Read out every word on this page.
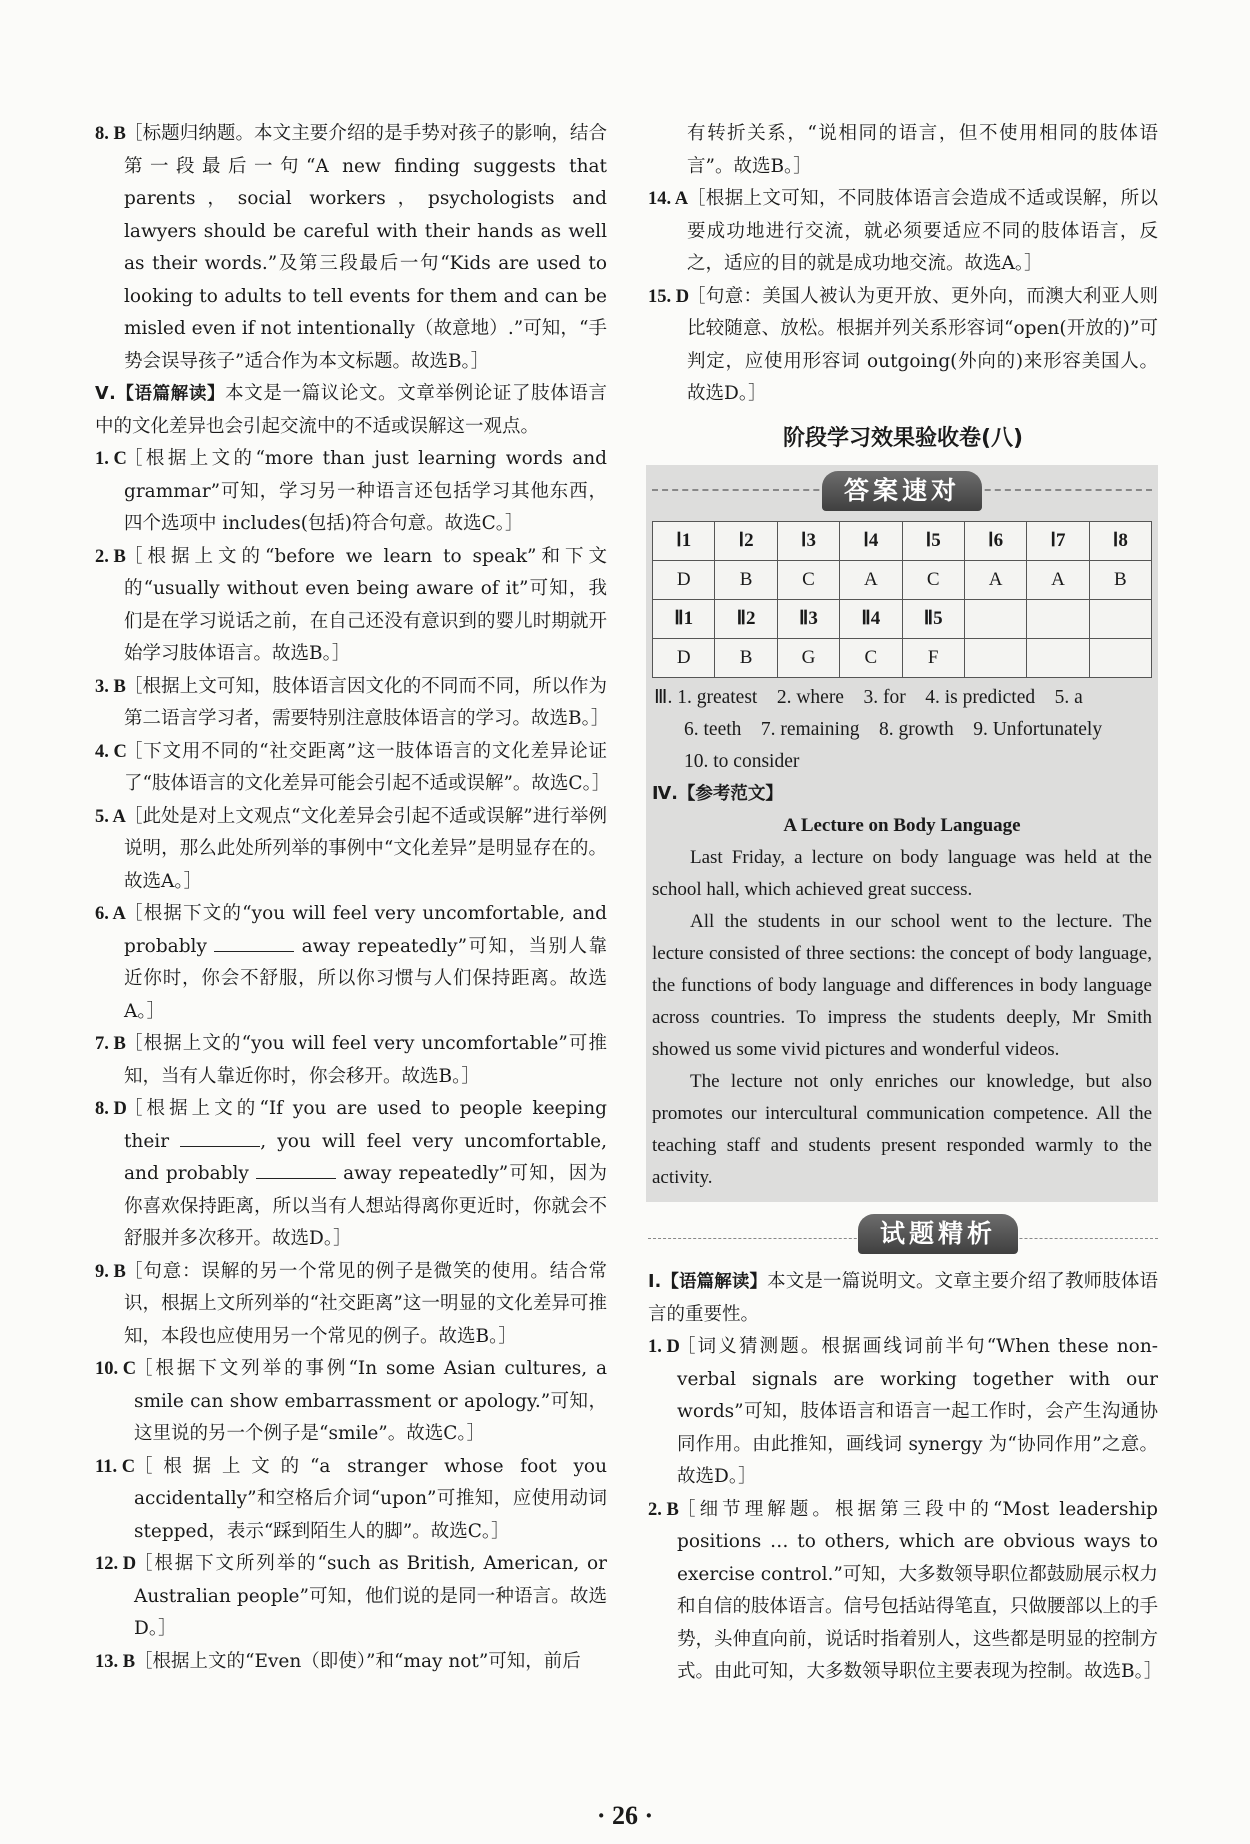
8. B
［标题归纳题。本文主要介绍的是手势对孩子的影响，结合第一段最后一句“A new finding suggests that parents，social workers，psychologists and lawyers should be careful with their hands as well as their words.”及第三段最后一句“Kids are used to looking to adults to tell events for them and can be misled even if not intentionally（故意地）.”可知，“手势会误导孩子”适合作为本文标题。故选B。］

Ⅴ.【语篇解读】本文是一篇议论文。文章举例论证了肢体语言中的文化差异也会引起交流中的不适或误解这一观点。

1. C
［根据上文的“more than just learning words and grammar”可知，学习另一种语言还包括学习其他东西，四个选项中 includes(包括)符合句意。故选C。］

2. B
［根据上文的“before we learn to speak”和下文的“usually without even being aware of it”可知，我们是在学习说话之前，在自己还没有意识到的婴儿时期就开始学习肢体语言。故选B。］

3. B
［根据上文可知，肢体语言因文化的不同而不同，所以作为第二语言学习者，需要特别注意肢体语言的学习。故选B。］

4. C
［下文用不同的“社交距离”这一肢体语言的文化差异论证了“肢体语言的文化差异可能会引起不适或误解”。故选C。］

5. A
［此处是对上文观点“文化差异会引起不适或误解”进行举例说明，那么此处所列举的事例中“文化差异”是明显存在的。故选A。］

6. A
［根据下文的“you will feel very uncomfortable, and probably	away repeatedly”可知，当别人靠近你时，你会不舒服，所以你习惯与人们保持距离。故选A。］

7. B
［根据上文的“you will feel very uncomfortable”可推知，当有人靠近你时，你会移开。故选B。］

8. D
［根据上文的“If you are used to people keeping their	, you will feel very uncomfortable, and probably	away repeatedly”可知，因为你喜欢保持距离，所以当有人想站得离你更近时，你就会不舒服并多次移开。故选D。］

9. B
［句意：误解的另一个常见的例子是微笑的使用。结合常识，根据上文所列举的“社交距离”这一明显的文化差异可推知，本段也应使用另一个常见的例子。故选B。］

10. C
［根据下文列举的事例“In some Asian cultures, a smile can show embarrassment or apology.”可知，这里说的另一个例子是“smile”。故选C。］

11. C
［根据上文的“a stranger whose foot you accidentally”和空格后介词“upon”可推知，应使用动词stepped，表示“踩到陌生人的脚”。故选C。］

12. D
［根据下文所列举的“such as British, American, or Australian people”可知，他们说的是同一种语言。故选D。］

13. B
［根据上文的“Even（即使）”和“may not”可知，前后

有转折关系，“说相同的语言，但不使用相同的肢体语言”。故选B。］

14. A
［根据上文可知，不同肢体语言会造成不适或误解，所以要成功地进行交流，就必须要适应不同的肢体语言，反之，适应的目的就是成功地交流。故选A。］

15. D
［句意：美国人被认为更开放、更外向，而澳大利亚人则比较随意、放松。根据并列关系形容词“open(开放的)”可判定，应使用形容词 outgoing(外向的)来形容美国人。故选D。］

阶段学习效果验收卷(八)
答案速对
Ⅰ1	Ⅰ2	Ⅰ3	Ⅰ4	Ⅰ5	Ⅰ6	Ⅰ7	Ⅰ8
D	B	C	A	C	A	A	B
Ⅱ1	Ⅱ2	Ⅱ3	Ⅱ4	Ⅱ5			
D	B	G	C	F			
Ⅲ. 1. greatest　2. where　3. for　4. is predicted　5. a
6. teeth　7. remaining　8. growth　9. Unfortunately
10. to consider
Ⅳ.【参考范文】
A Lecture on Body Language

Last Friday, a lecture on body language was held at the school hall, which achieved great success.

All the students in our school went to the lecture. The lecture consisted of three sections: the concept of body language, the functions of body language and differences in body language across countries. To impress the students deeply, Mr Smith showed us some vivid pictures and wonderful videos.

The lecture not only enriches our knowledge, but also promotes our intercultural communication competence. All the teaching staff and students present responded warmly to the activity.

试题精析

Ⅰ.【语篇解读】本文是一篇说明文。文章主要介绍了教师肢体语言的重要性。

1. D
［词义猜测题。根据画线词前半句“When these non-verbal signals are working together with our words”可知，肢体语言和语言一起工作时，会产生沟通协同作用。由此推知，画线词 synergy 为“协同作用”之意。故选D。］

2. B
［细节理解题。根据第三段中的“Most leadership positions … to others, which are obvious ways to exercise control.”可知，大多数领导职位都鼓励展示权力和自信的肢体语言。信号包括站得笔直，只做腰部以上的手势，头伸直向前，说话时指着别人，这些都是明显的控制方式。由此可知，大多数领导职位主要表现为控制。故选B。］

· 26 ·
